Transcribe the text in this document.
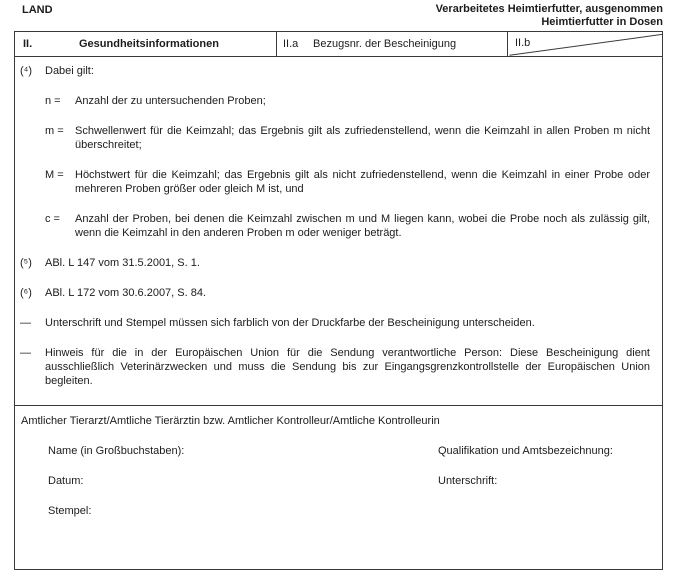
LAND	Verarbeitetes Heimtierfutter, ausgenommen
Heimtierfutter in Dosen
II.	Gesundheitsinformationen	II.a	Bezugsnr. der Bescheinigung	II.b
(⁴)	Dabei gilt:
n =	Anzahl der zu untersuchenden Proben;
m =	Schwellenwert für die Keimzahl; das Ergebnis gilt als zufriedenstellend, wenn die Keimzahl in allen Proben m nicht überschreitet;
M =	Höchstwert für die Keimzahl; das Ergebnis gilt als nicht zufriedenstellend, wenn die Keimzahl in einer Probe oder mehreren Proben größer oder gleich M ist, und
c =	Anzahl der Proben, bei denen die Keimzahl zwischen m und M liegen kann, wobei die Probe noch als zulässig gilt, wenn die Keimzahl in den anderen Proben m oder weniger beträgt.
(⁵)	ABl. L 147 vom 31.5.2001, S. 1.
(⁶)	ABl. L 172 vom 30.6.2007, S. 84.
—	Unterschrift und Stempel müssen sich farblich von der Druckfarbe der Bescheinigung unterscheiden.
—	Hinweis für die in der Europäischen Union für die Sendung verantwortliche Person: Diese Bescheinigung dient ausschließlich Veterinärzwecken und muss die Sendung bis zur Eingangsgrenzkontrollstelle der Europäischen Union begleiten.
Amtlicher Tierarzt/Amtliche Tierärztin bzw. Amtlicher Kontrolleur/Amtliche Kontrolleurin
Name (in Großbuchstaben):	Qualifikation und Amtsbezeichnung:
Datum:	Unterschrift:
Stempel:
